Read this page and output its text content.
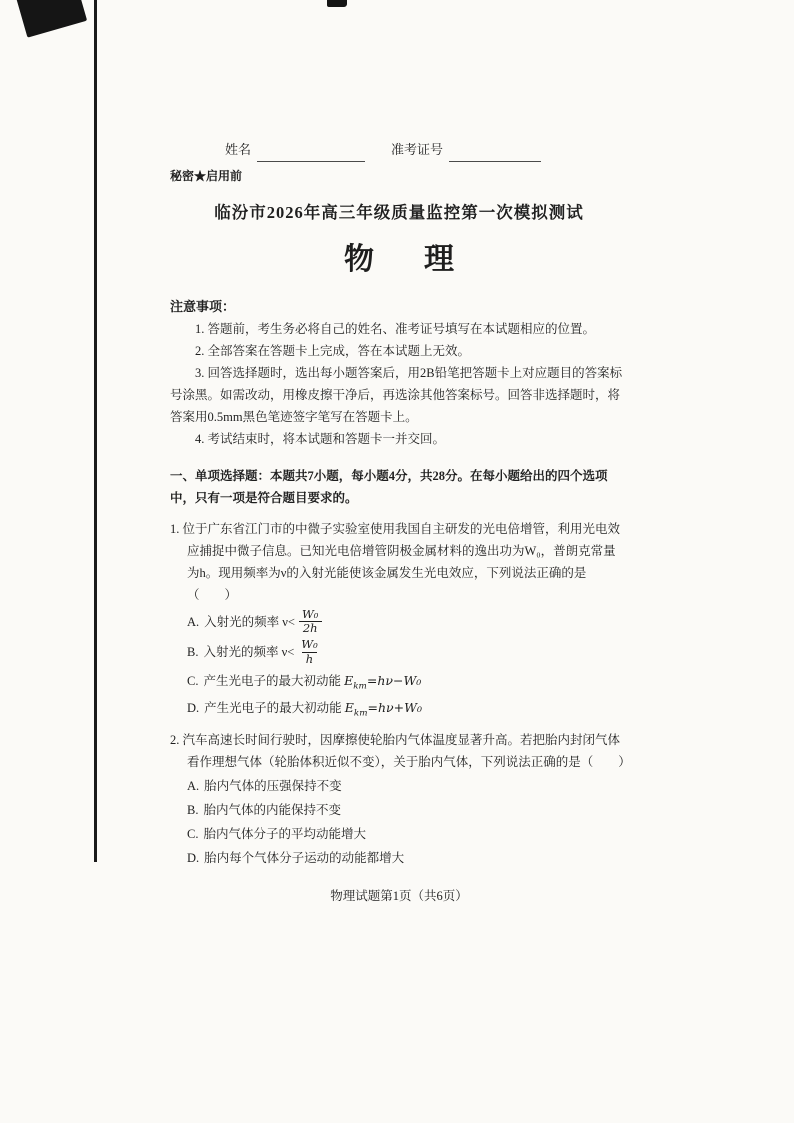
姓名	准考证号
秘密★启用前
临汾市2026年高三年级质量监控第一次模拟测试
物　理
注意事项：

1. 答题前，考生务必将自己的姓名、准考证号填写在本试题相应的位置。

2. 全部答案在答题卡上完成，答在本试题上无效。

3. 回答选择题时，选出每小题答案后，用2B铅笔把答题卡上对应题目的答案标号涂黑。如需改动，用橡皮擦干净后，再选涂其他答案标号。回答非选择题时，将答案用0.5mm黑色笔迹签字笔写在答题卡上。

4. 考试结束时，将本试题和答题卡一并交回。

一、单项选择题：本题共7小题，每小题4分，共28分。在每小题给出的四个选项中，只有一项是符合题目要求的。

1. 位于广东省江门市的中微子实验室使用我国自主研发的光电倍增管，利用光电效应捕捉中微子信息。已知光电倍增管阴极金属材料的逸出功为W₀，普朗克常量为h。现用频率为ν的入射光能使该金属发生光电效应，下列说法正确的是（　　）

A. 入射光的频率 $\nu< \frac{\text{W₀}}{2h}$
B. 入射光的频率 $\nu< \frac{\text{W₀}}{h}$
C. 产生光电子的最大初动能 $E_{km}=h\nu-W_0$
D. 产生光电子的最大初动能 $E_{km}=h\nu+W_0$

2. 汽车高速长时间行驶时，因摩擦使轮胎内气体温度显著升高。若把胎内封闭气体看作理想气体（轮胎体积近似不变），关于胎内气体，下列说法正确的是（　　）

A. 胎内气体的压强保持不变
B. 胎内气体的内能保持不变
C. 胎内气体分子的平均动能增大
D. 胎内每个气体分子运动的动能都增大
物理试题第1页（共6页）
